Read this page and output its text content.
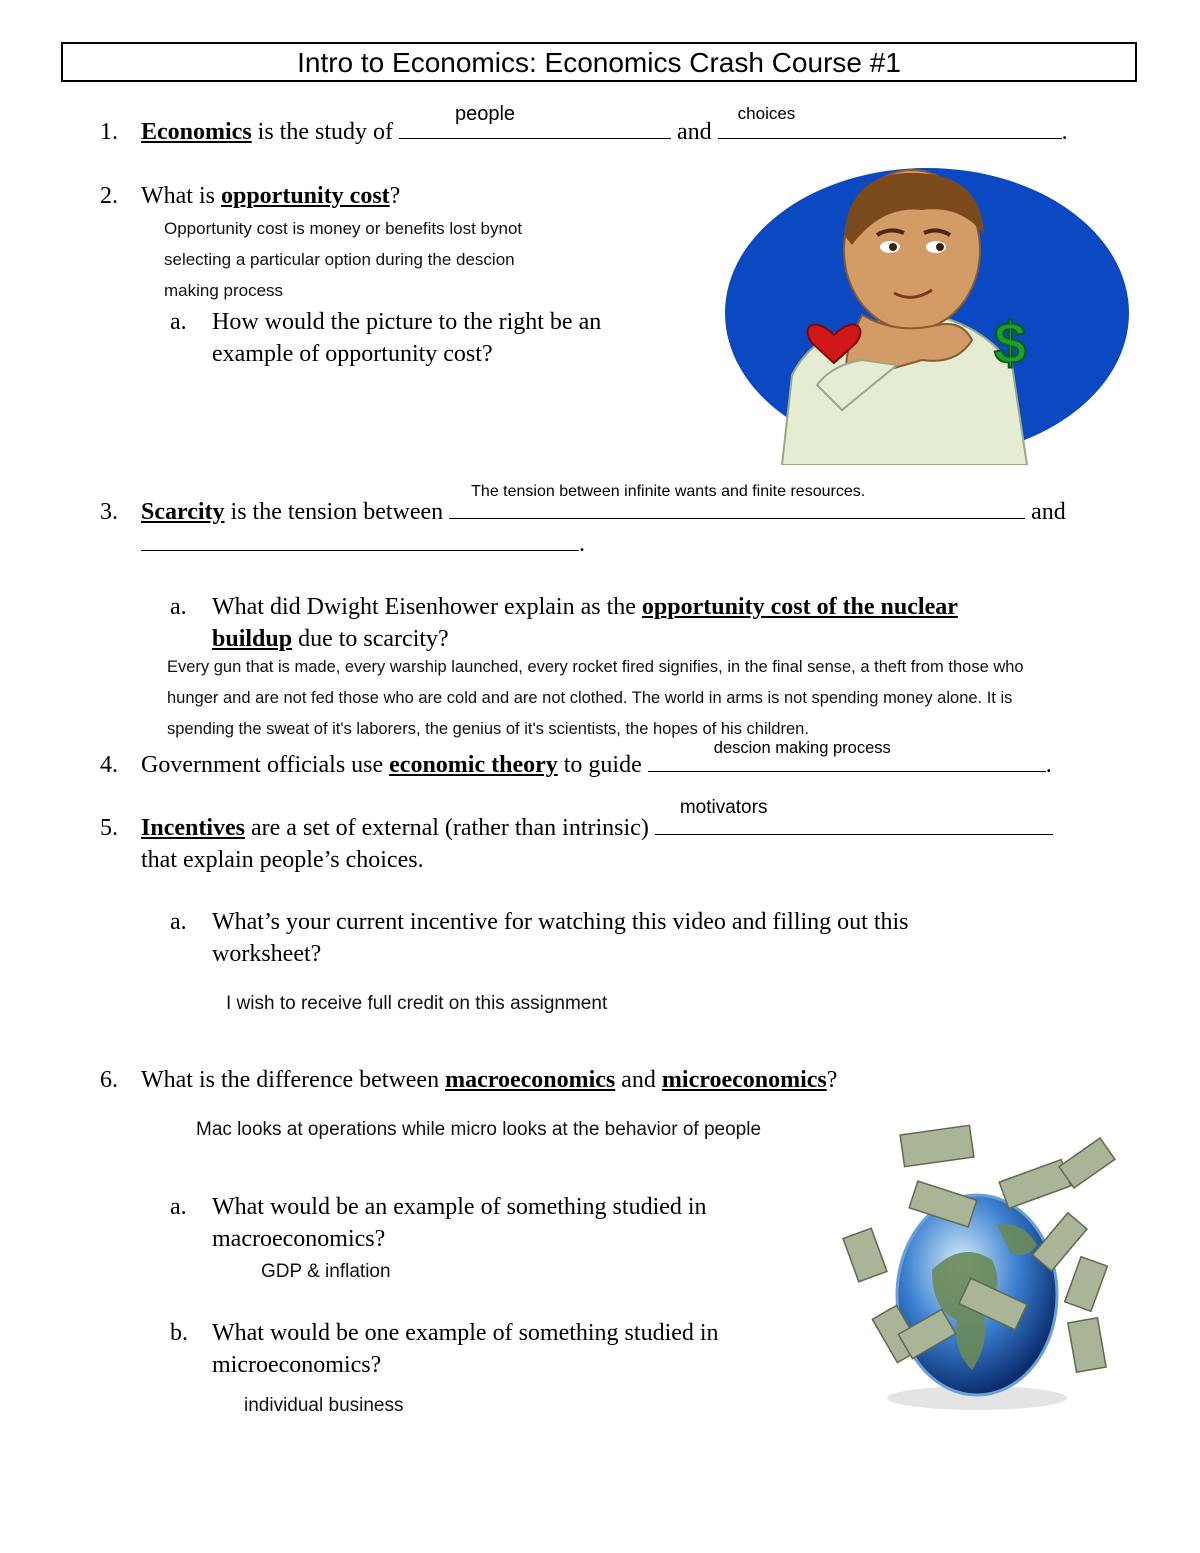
Intro to Economics: Economics Crash Course #1
1. Economics is the study of
people
and
choices
.
2. What is opportunity cost?
Opportunity cost is money or benefits lost bynot
selecting a particular option during the descion
making process
a. How would the picture to the right be an
example of opportunity cost?	$
3. Scarcity is the tension between
The tension between infinite wants and finite resources.
and
.
a. What did Dwight Eisenhower explain as the opportunity cost of the nuclear
buildup due to scarcity?
Every gun that is made, every warship launched, every rocket fired signifies, in the final sense, a theft from those who
hunger and are not fed those who are cold and are not clothed. The world in arms is not spending money alone. It is
spending the sweat of it's laborers, the genius of it's scientists, the hopes of his children.
4. Government officials use economic theory to guide
descion making process
.
5. Incentives are a set of external (rather than intrinsic)
motivators
that explain people’s choices.
a. What’s your current incentive for watching this video and filling out this
worksheet?
I wish to receive full credit on this assignment
6. What is the difference between macroeconomics and microeconomics?
Mac looks at operations while micro looks at the behavior of people
a. What would be an example of something studied in
macroeconomics?
GDP & inflation
b. What would be one example of something studied in
microeconomics?
individual business
